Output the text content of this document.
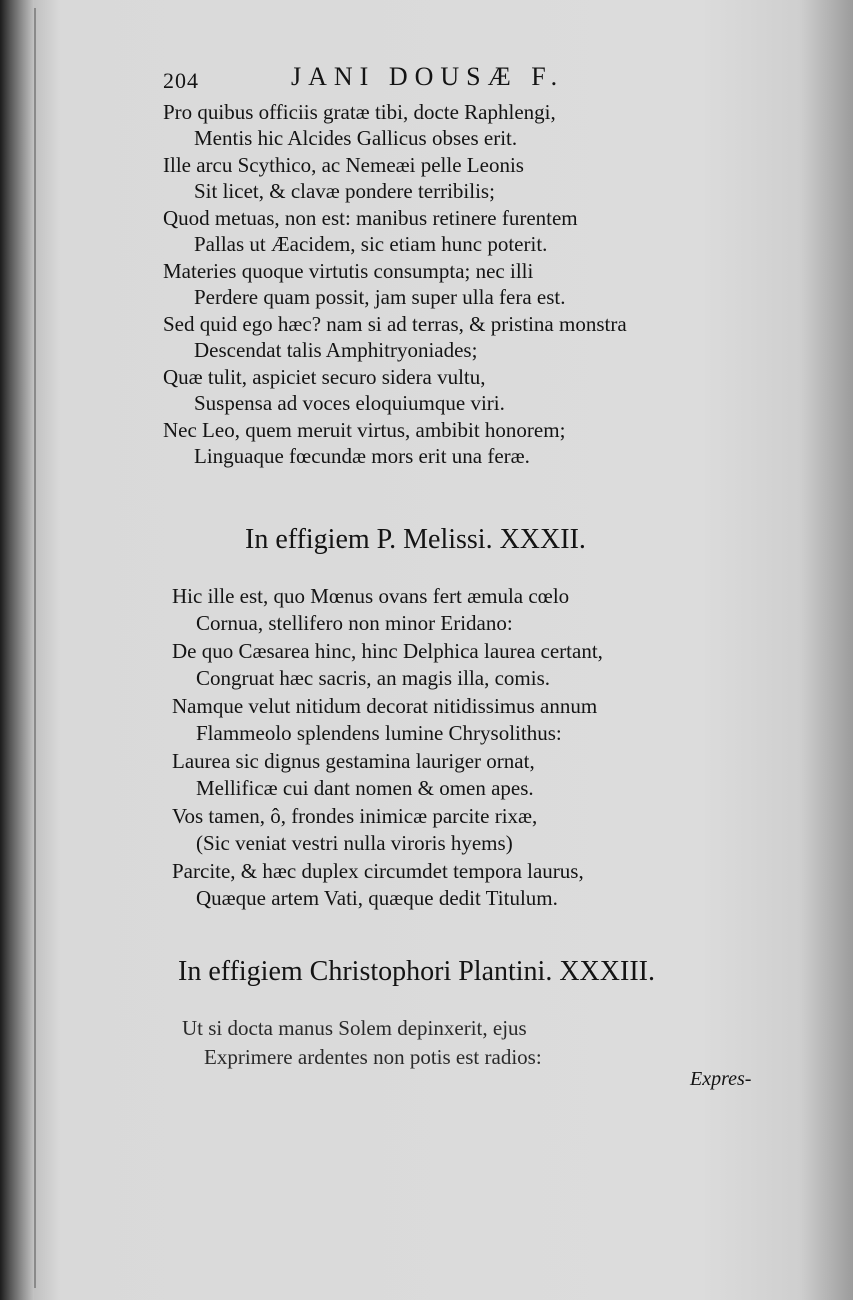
204	JANI DOUSÆ F.
Pro quibus officiis gratæ tibi, docte Raphlengi,
Mentis hic Alcides Gallicus obses erit.
Ille arcu Scythico, ac Nemeæi pelle Leonis
Sit licet, & clavæ pondere terribilis;
Quod metuas, non est: manibus retinere furentem
Pallas ut Æacidem, sic etiam hunc poterit.
Materies quoque virtutis consumpta; nec illi
Perdere quam possit, jam super ulla fera est.
Sed quid ego hæc? nam si ad terras, & pristina monstra
Descendat talis Amphitryoniades;
Quæ tulit, aspiciet securo sidera vultu,
Suspensa ad voces eloquiumque viri.
Nec Leo, quem meruit virtus, ambibit honorem;
Linguaque fœcundæ mors erit una feræ.
In effigiem P. Melissi. XXXII.
Hic ille est, quo Mœnus ovans fert æmula cœlo
Cornua, stellifero non minor Eridano:
De quo Cæsarea hinc, hinc Delphica laurea certant,
Congruat hæc sacris, an magis illa, comis.
Namque velut nitidum decorat nitidissimus annum
Flammeolo splendens lumine Chrysolithus:
Laurea sic dignus gestamina lauriger ornat,
Mellificæ cui dant nomen & omen apes.
Vos tamen, ô, frondes inimicæ parcite rixæ,
(Sic veniat vestri nulla viroris hyems)
Parcite, & hæc duplex circumdet tempora laurus,
Quæque artem Vati, quæque dedit Titulum.
In effigiem Christophori Plantini. XXXIII.
Ut si docta manus Solem depinxerit, ejus
Exprimere ardentes non potis est radios:
Expres-
